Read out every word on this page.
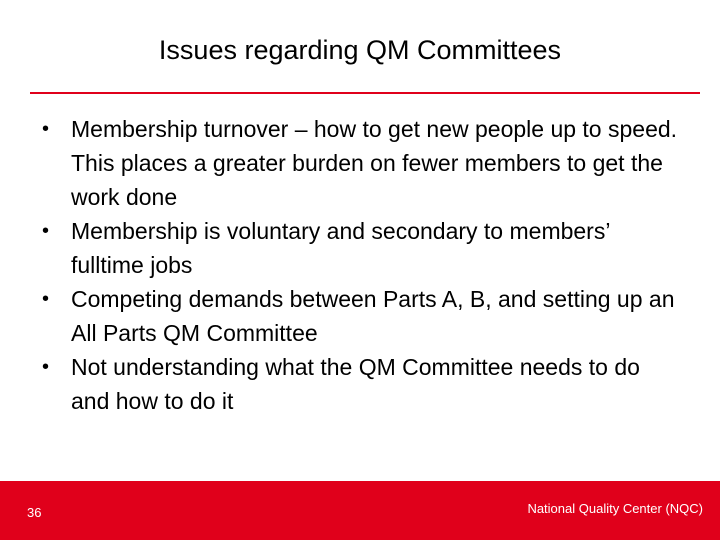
Issues regarding QM Committees
• Membership turnover – how to get new people up to speed. This places a greater burden on fewer members to get the work done
• Membership is voluntary and secondary to members’ fulltime jobs
• Competing demands between Parts A, B, and setting up an All Parts QM Committee
• Not understanding what the QM Committee needs to do and how to do it
36	National Quality Center (NQC)
